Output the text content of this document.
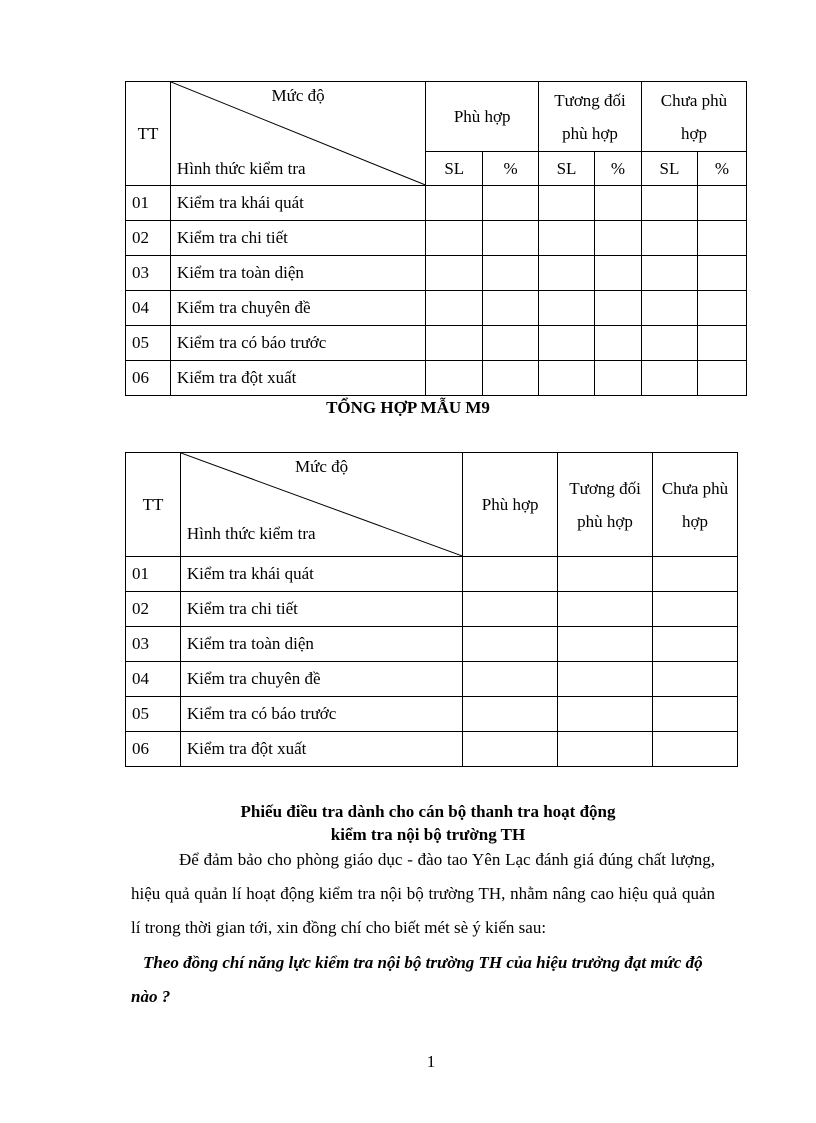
TT	Mức độ
Hình thức kiểm tra	Phù hợp		Tương đối phù hợp		Chưa phù hợp	
		SL	%	SL	%	SL	%
01	Kiểm tra khái quát						
02	Kiểm tra chi tiết						
03	Kiểm tra toàn diện						
04	Kiểm tra chuyên đề						
05	Kiểm tra có báo trước						
06	Kiểm tra đột xuất						
TỔNG HỢP MẪU M9
TT	Mức độ
Hình thức kiểm tra	Phù hợp	Tương đối phù hợp	Chưa phù hợp
01	Kiểm tra khái quát			
02	Kiểm tra chi tiết			
03	Kiểm tra toàn diện			
04	Kiểm tra chuyên đề			
05	Kiểm tra có báo trước			
06	Kiểm tra đột xuất			
Phiếu điều tra dành cho cán bộ thanh tra hoạt động
kiểm tra nội bộ trường TH
Để đảm bảo cho phòng giáo dục - đào tao Yên Lạc đánh giá đúng chất lượng, hiệu quả quản lí hoạt động kiểm tra nội bộ trường TH, nhằm nâng cao hiệu quả quản lí trong thời gian tới, xin đồng chí cho biết mét sè ý kiến sau:
Theo đồng chí năng lực kiểm tra nội bộ trường TH của hiệu trưởng đạt mức độ nào ?
1
